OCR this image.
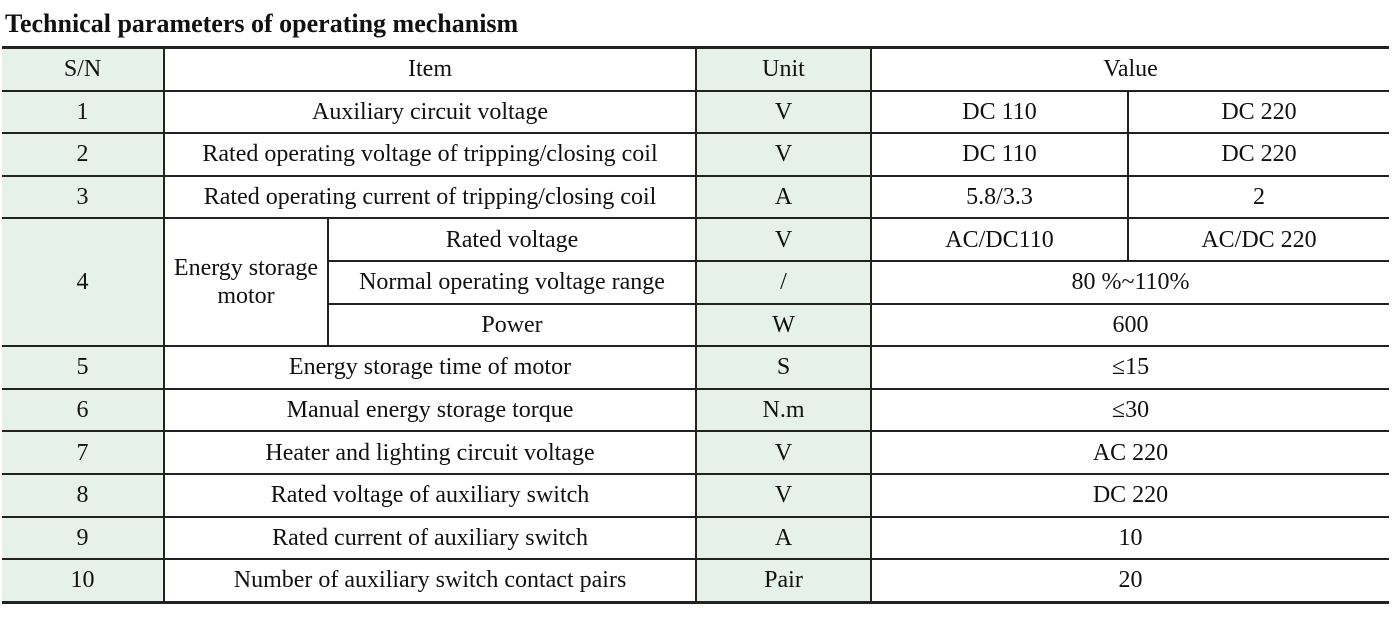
Technical parameters of operating mechanism
S/N	Item		Unit	Value	
1	Auxiliary circuit voltage		V	DC 110	DC 220
2	Rated operating voltage of tripping/closing coil		V	DC 110	DC 220
3	Rated operating current of tripping/closing coil		A	5.8/3.3	2
4	Energy storage motor	Rated voltage	V	AC/DC110	AC/DC 220
		Normal operating voltage range	/	80 %~110%	
		Power	W	600	
5	Energy storage time of motor		S	≤15	
6	Manual energy storage torque		N.m	≤30	
7	Heater and lighting circuit voltage		V	AC 220	
8	Rated voltage of auxiliary switch		V	DC 220	
9	Rated current of auxiliary switch		A	10	
10	Number of auxiliary switch contact pairs		Pair	20	
